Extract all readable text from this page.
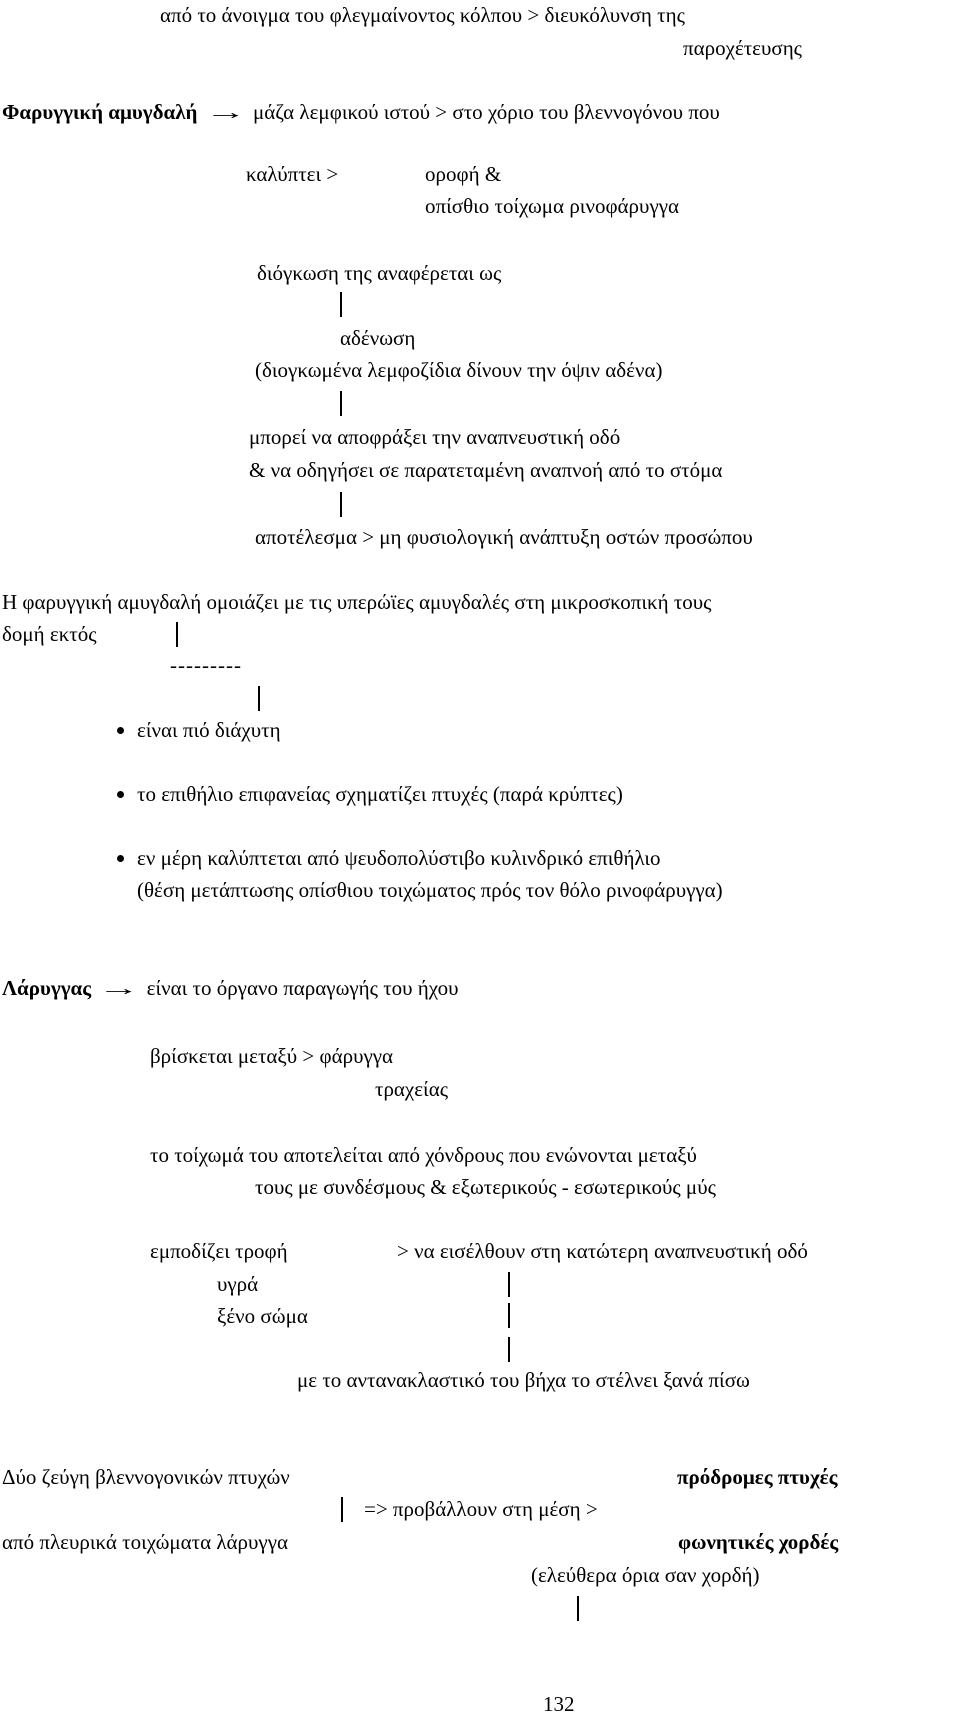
από το άνοιγμα του φλεγμαίνοντος κόλπου > διευκόλυνση της
παροχέτευσης
Φαρυγγική αμυγδαλή → μάζα λεμφικού ιστού > στο χόριο του βλεννογόνου που
καλύπτει >	οροφή &
οπίσθιο τοίχωμα ρινοφάρυγγα
διόγκωση της αναφέρεται ως
αδένωση
(διογκωμένα λεμφοζίδια δίνουν την όψιν αδένα)
μπορεί να αποφράξει την αναπνευστική οδό
& να οδηγήσει σε παρατεταμένη αναπνοή από το στόμα
αποτέλεσμα > μη φυσιολογική ανάπτυξη οστών προσώπου
Η φαρυγγική αμυγδαλή ομοιάζει με τις υπερώϊες αμυγδαλές στη μικροσκοπική τους
δομή εκτός
---------
είναι πιό διάχυτη
το επιθήλιο επιφανείας σχηματίζει πτυχές (παρά κρύπτες)
εν μέρη καλύπτεται από ψευδοπολύστιβο κυλινδρικό επιθήλιο
(θέση μετάπτωσης οπίσθιου τοιχώματος πρός τον θόλο ρινοφάρυγγα)
Λάρυγγας → είναι το όργανο παραγωγής του ήχου
βρίσκεται μεταξύ > φάρυγγα
τραχείας
το τοίχωμά του αποτελείται από χόνδρους που ενώνονται μεταξύ
τους με συνδέσμους & εξωτερικούς - εσωτερικούς μύς
εμποδίζει τροφή	> να εισέλθουν στη κατώτερη αναπνευστική οδό
υγρά
ξένο σώμα
με το αντανακλαστικό του βήχα το στέλνει ξανά πίσω
Δύο ζεύγη βλεννογονικών πτυχών	πρόδρομες πτυχές
=> προβάλλουν στη μέση >
από πλευρικά τοιχώματα λάρυγγα	φωνητικές χορδές
(ελεύθερα όρια σαν χορδή)
132
